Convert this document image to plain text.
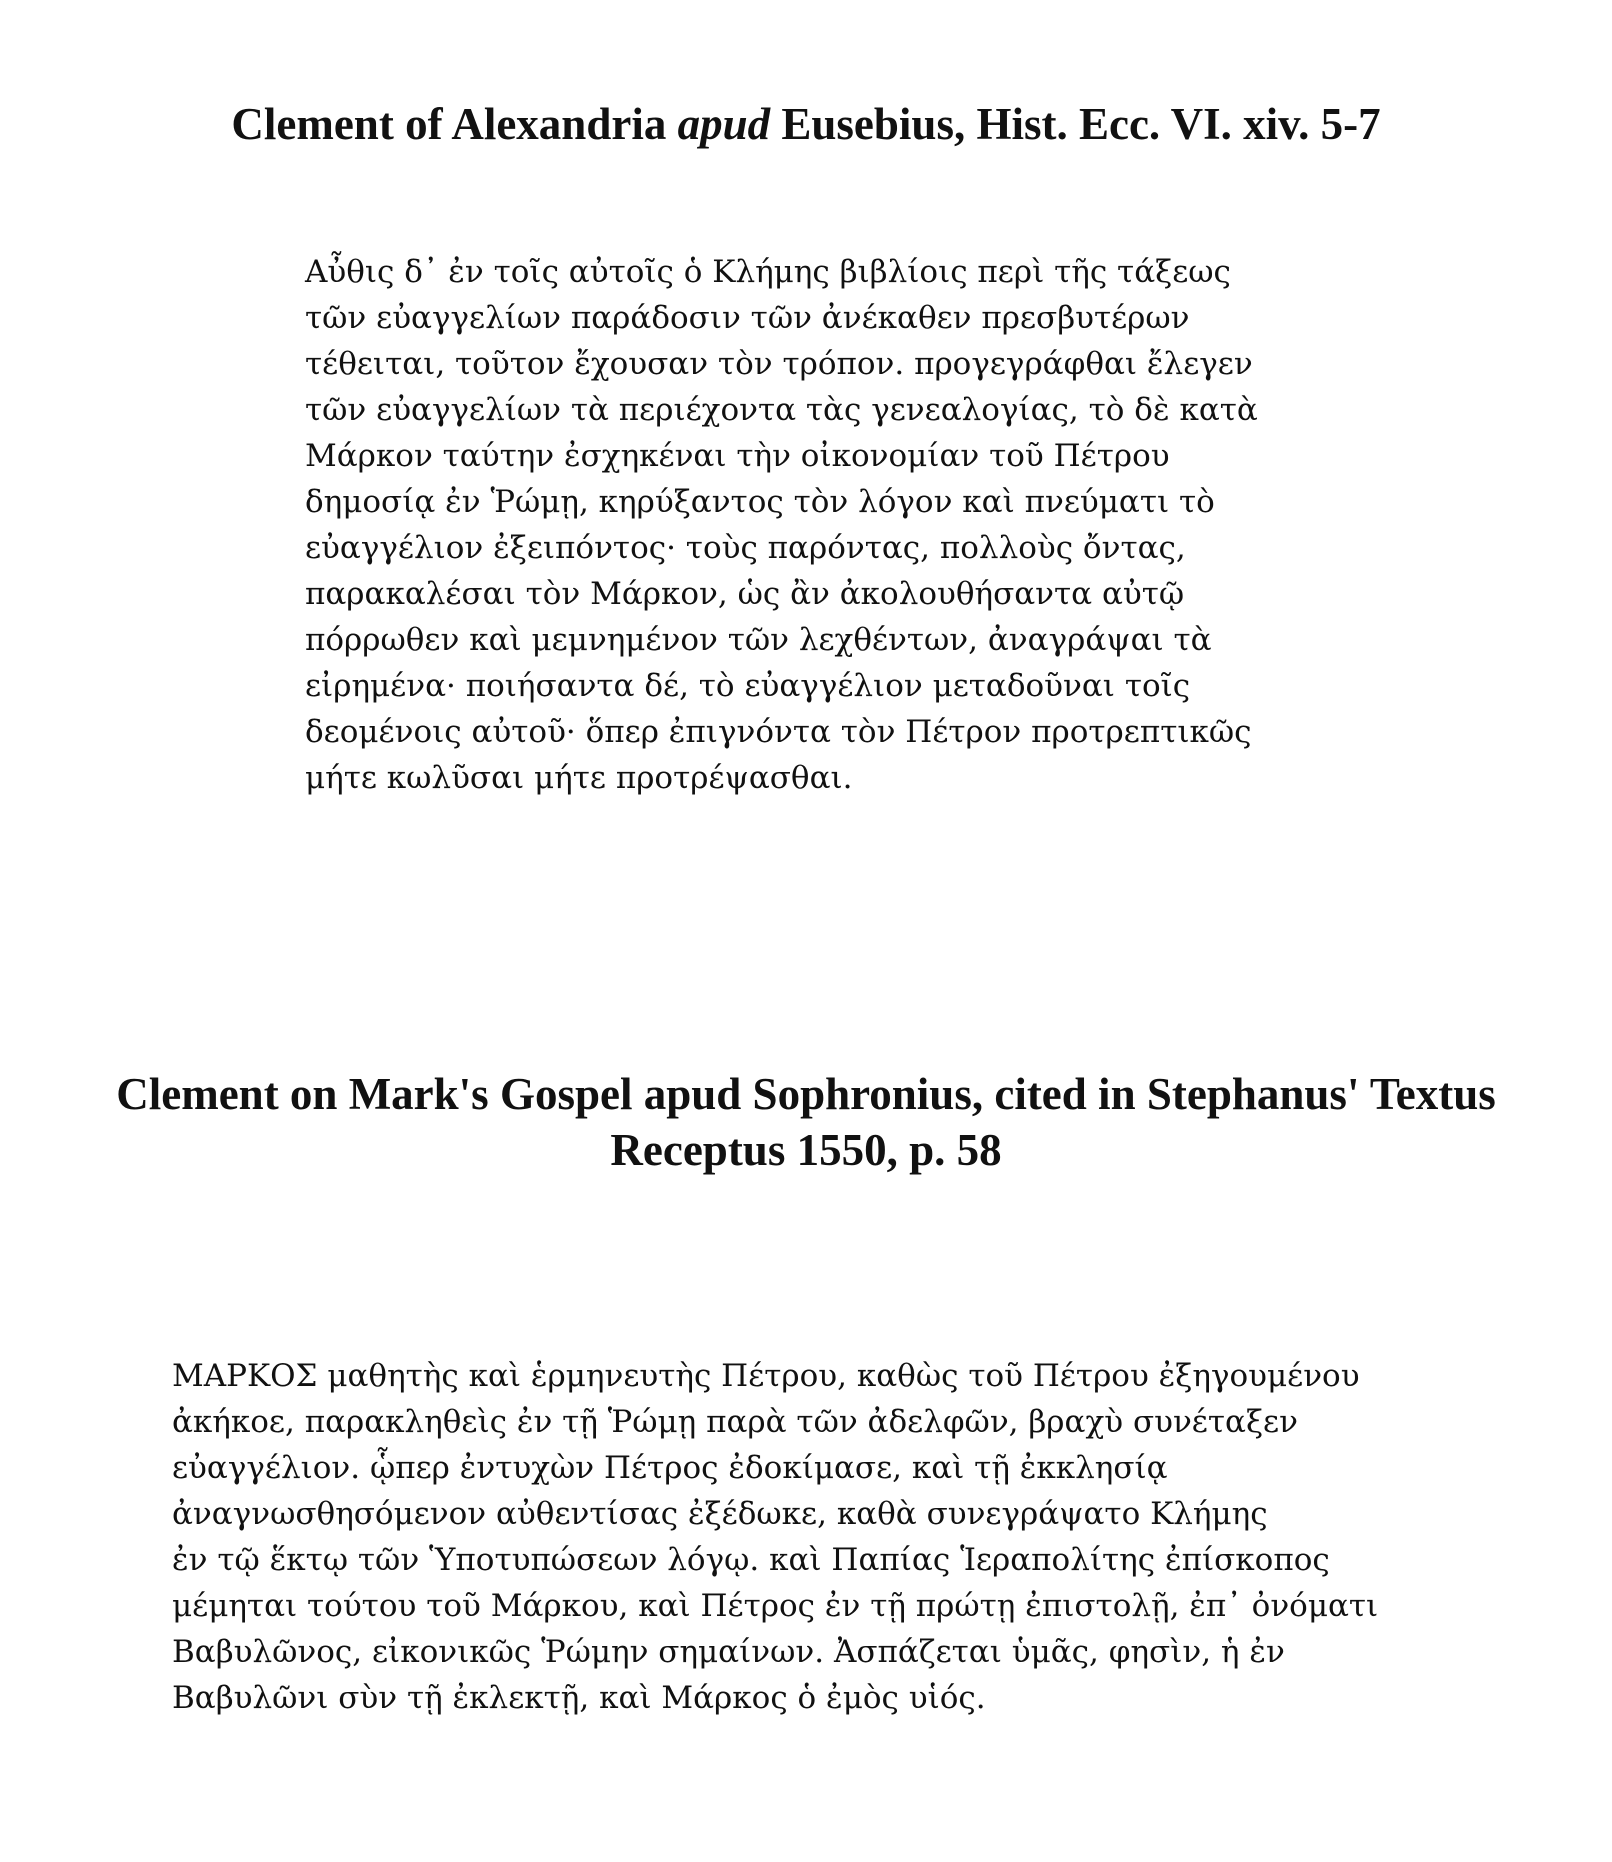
Clement of Alexandria apud Eusebius, Hist. Ecc. VI. xiv. 5-7
Αὖθις δ᾽ ἐν τοῖς αὐτοῖς ὁ Κλήμης βιβλίοις περὶ τῆς τάξεως
τῶν εὐαγγελίων παράδοσιν τῶν ἀνέκαθεν πρεσβυτέρων
τέθειται, τοῦτον ἔχουσαν τὸν τρόπον. προγεγράφθαι ἔλεγεν
τῶν εὐαγγελίων τὰ περιέχοντα τὰς γενεαλογίας, τὸ δὲ κατὰ
Μάρκον ταύτην ἐσχηκέναι τὴν οἰκονομίαν τοῦ Πέτρου
δημοσίᾳ ἐν Ῥώμῃ, κηρύξαντος τὸν λόγον καὶ πνεύματι τὸ
εὐαγγέλιον ἐξειπόντος· τοὺς παρόντας, πολλοὺς ὄντας,
παρακαλέσαι τὸν Μάρκον, ὡς ἂν ἀκολουθήσαντα αὐτῷ
πόρρωθεν καὶ μεμνημένον τῶν λεχθέντων, ἀναγράψαι τὰ
εἰρημένα· ποιήσαντα δέ, τὸ εὐαγγέλιον μεταδοῦναι τοῖς
δεομένοις αὐτοῦ· ὅπερ ἐπιγνόντα τὸν Πέτρον προτρεπτικῶς
μήτε κωλῦσαι μήτε προτρέψασθαι.
Clement on Mark's Gospel apud Sophronius, cited in Stephanus' Textus
Receptus 1550, p. 58
ΜΑΡΚΟΣ μαθητὴς καὶ ἑρμηνευτὴς Πέτρου, καθὼς τοῦ Πέτρου ἐξηγουμένου
ἀκήκοε, παρακληθεὶς ἐν τῇ Ῥώμῃ παρὰ τῶν ἀδελφῶν, βραχὺ συνέταξεν
εὐαγγέλιον. ᾧπερ ἐντυχὼν Πέτρος ἐδοκίμασε, καὶ τῇ ἐκκλησίᾳ
ἀναγνωσθησόμενον αὐθεντίσας ἐξέδωκε, καθὰ συνεγράψατο Κλήμης
ἐν τῷ ἕκτῳ τῶν Ὑποτυπώσεων λόγῳ. καὶ Παπίας Ἱεραπολίτης ἐπίσκοπος
μέμηται τούτου τοῦ Μάρκου, καὶ Πέτρος ἐν τῇ πρώτῃ ἐπιστολῇ, ἐπ᾽ ὀνόματι
Βαβυλῶνος, εἰκονικῶς Ῥώμην σημαίνων. Ἀσπάζεται ὑμᾶς, φησὶν, ἡ ἐν
Βαβυλῶνι σὺν τῇ ἐκλεκτῇ, καὶ Μάρκος ὁ ἐμὸς υἱός.
